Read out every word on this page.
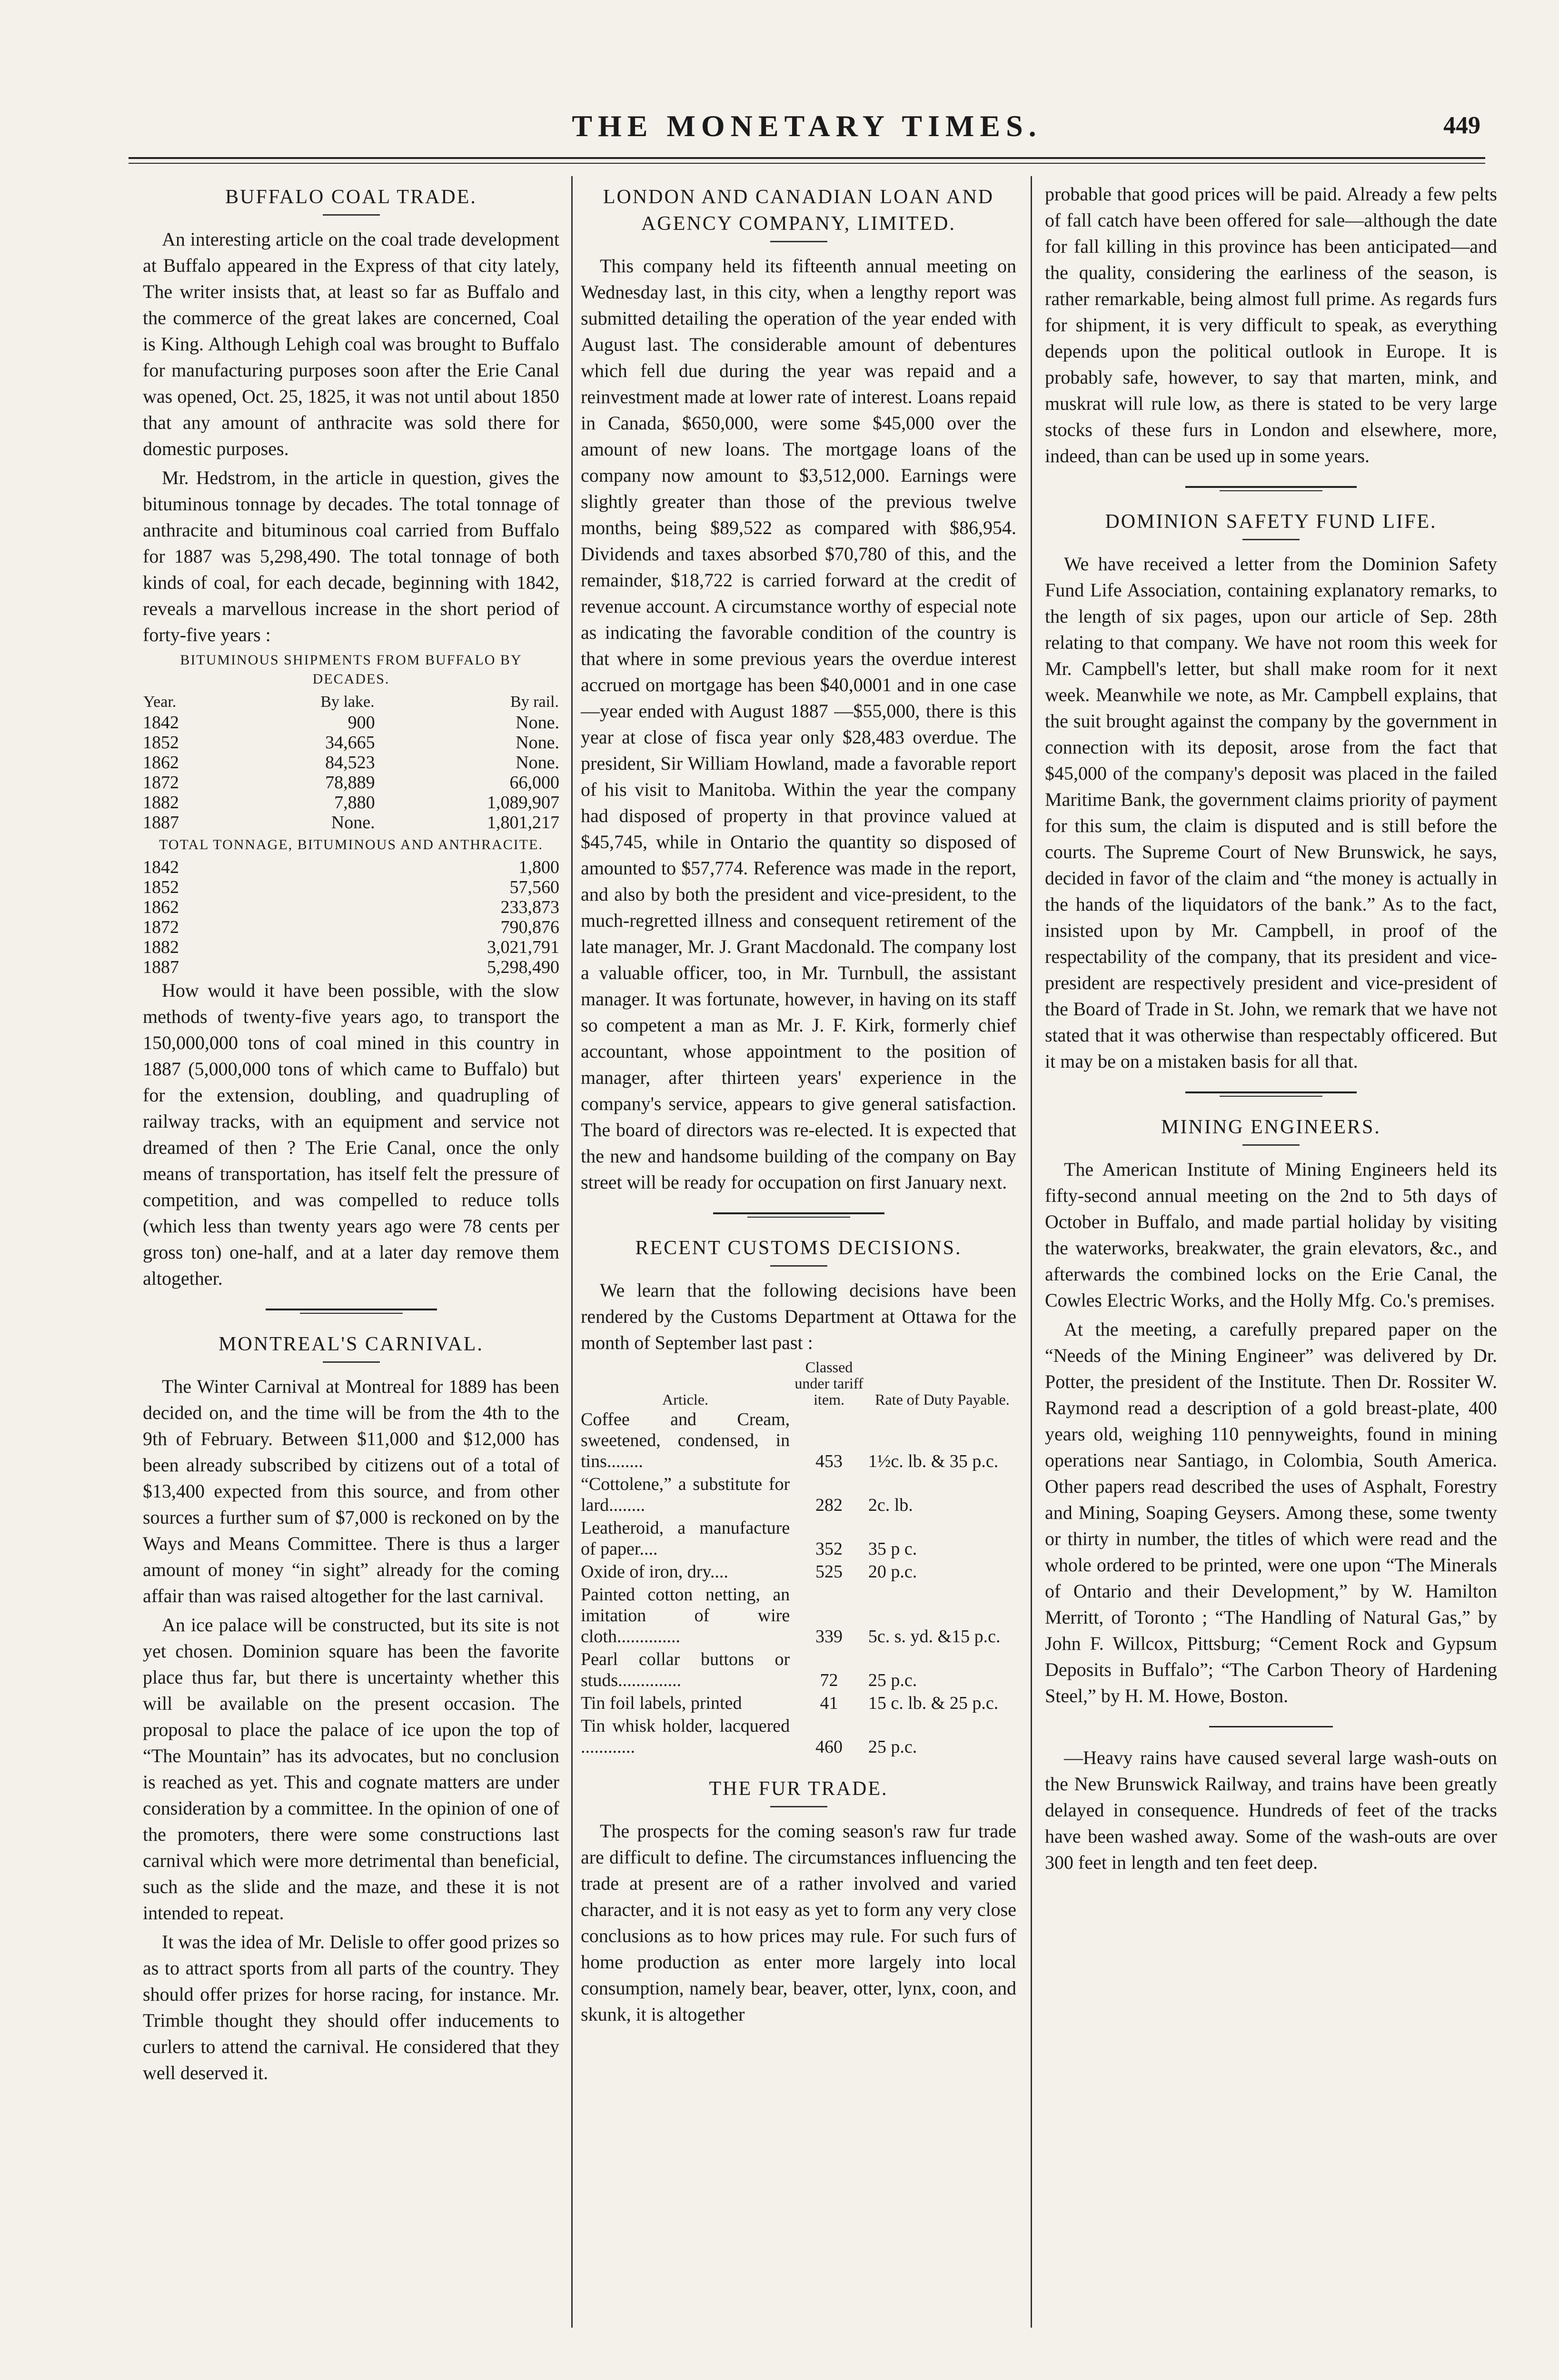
THE MONETARY TIMES.	449
BUFFALO COAL TRADE.

An interesting article on the coal trade development at Buffalo appeared in the Express of that city lately, The writer insists that, at least so far as Buffalo and the commerce of the great lakes are concerned, Coal is King. Although Lehigh coal was brought to Buffalo for manufacturing purposes soon after the Erie Canal was opened, Oct. 25, 1825, it was not until about 1850 that any amount of anthracite was sold there for domestic purposes.

Mr. Hedstrom, in the article in question, gives the bituminous tonnage by decades. The total tonnage of anthracite and bituminous coal carried from Buffalo for 1887 was 5,298,490. The total tonnage of both kinds of coal, for each decade, beginning with 1842, reveals a marvellous increase in the short period of forty-five years :

BITUMINOUS SHIPMENTS FROM BUFFALO BY DECADES.
Year.	By lake.	By rail.
1842	900	None.
1852	34,665	None.
1862	84,523	None.
1872	78,889	66,000
1882	7,880	1,089,907
1887	None.	1,801,217
TOTAL TONNAGE, BITUMINOUS AND ANTHRACITE.
1842	1,800
1852	57,560
1862	233,873
1872	790,876
1882	3,021,791
1887	5,298,490

How would it have been possible, with the slow methods of twenty-five years ago, to transport the 150,000,000 tons of coal mined in this country in 1887 (5,000,000 tons of which came to Buffalo) but for the extension, doubling, and quadrupling of railway tracks, with an equipment and service not dreamed of then ? The Erie Canal, once the only means of transportation, has itself felt the pressure of competition, and was compelled to reduce tolls (which less than twenty years ago were 78 cents per gross ton) one-half, and at a later day remove them altogether.

MONTREAL'S CARNIVAL.

The Winter Carnival at Montreal for 1889 has been decided on, and the time will be from the 4th to the 9th of February. Between $11,000 and $12,000 has been already subscribed by citizens out of a total of $13,400 expected from this source, and from other sources a further sum of $7,000 is reckoned on by the Ways and Means Committee. There is thus a larger amount of money “in sight” already for the coming affair than was raised altogether for the last carnival.

An ice palace will be constructed, but its site is not yet chosen. Dominion square has been the favorite place thus far, but there is uncertainty whether this will be available on the present occasion. The proposal to place the palace of ice upon the top of “The Mountain” has its advocates, but no conclusion is reached as yet. This and cognate matters are under consideration by a committee. In the opinion of one of the promoters, there were some constructions last carnival which were more detrimental than beneficial, such as the slide and the maze, and these it is not intended to repeat.

It was the idea of Mr. Delisle to offer good prizes so as to attract sports from all parts of the country. They should offer prizes for horse racing, for instance. Mr. Trimble thought they should offer inducements to curlers to attend the carnival. He considered that they well deserved it.

LONDON AND CANADIAN LOAN AND AGENCY COMPANY, LIMITED.

This company held its fifteenth annual meeting on Wednesday last, in this city, when a lengthy report was submitted detailing the operation of the year ended with August last. The considerable amount of debentures which fell due during the year was repaid and a reinvestment made at lower rate of interest. Loans repaid in Canada, $650,000, were some $45,000 over the amount of new loans. The mortgage loans of the company now amount to $3,512,000. Earnings were slightly greater than those of the previous twelve months, being $89,522 as compared with $86,954. Dividends and taxes absorbed $70,780 of this, and the remainder, $18,722 is carried forward at the credit of revenue account. A circumstance worthy of especial note as indicating the favorable condition of the country is that where in some previous years the overdue interest accrued on mortgage has been $40,0001 and in one case—year ended with August 1887 —$55,000, there is this year at close of fisca year only $28,483 overdue. The president, Sir William Howland, made a favorable report of his visit to Manitoba. Within the year the company had disposed of property in that province valued at $45,745, while in Ontario the quantity so disposed of amounted to $57,774. Reference was made in the report, and also by both the president and vice-president, to the much-regretted illness and consequent retirement of the late manager, Mr. J. Grant Macdonald. The company lost a valuable officer, too, in Mr. Turnbull, the assistant manager. It was fortunate, however, in having on its staff so competent a man as Mr. J. F. Kirk, formerly chief accountant, whose appointment to the position of manager, after thirteen years' experience in the company's service, appears to give general satisfaction. The board of directors was re-elected. It is expected that the new and handsome building of the company on Bay street will be ready for occupation on first January next.

RECENT CUSTOMS DECISIONS.

We learn that the following decisions have been rendered by the Customs Department at Ottawa for the month of September last past :

Article.	Classed under tariff item.	Rate of Duty Payable.
Coffee and Cream, sweetened, condensed, in tins........	453	1½c. lb. & 35 p.c.
“Cottolene,” a substitute for lard........	282	2c. lb.
Leatheroid, a manufacture of paper....	352	35 p c.
Oxide of iron, dry....	525	20 p.c.
Painted cotton netting, an imitation of wire cloth..............	339	5c. s. yd. &15 p.c.
Pearl collar buttons or studs..............	72	25 p.c.
Tin foil labels, printed	41	15 c. lb. & 25 p.c.
Tin whisk holder, lacquered ............	460	25 p.c.
THE FUR TRADE.

The prospects for the coming season's raw fur trade are difficult to define. The circumstances influencing the trade at present are of a rather involved and varied character, and it is not easy as yet to form any very close conclusions as to how prices may rule. For such furs of home production as enter more largely into local consumption, namely bear, beaver, otter, lynx, coon, and skunk, it is altogether

probable that good prices will be paid. Already a few pelts of fall catch have been offered for sale—although the date for fall killing in this province has been anticipated—and the quality, considering the earliness of the season, is rather remarkable, being almost full prime. As regards furs for shipment, it is very difficult to speak, as everything depends upon the political outlook in Europe. It is probably safe, however, to say that marten, mink, and muskrat will rule low, as there is stated to be very large stocks of these furs in London and elsewhere, more, indeed, than can be used up in some years.

DOMINION SAFETY FUND LIFE.

We have received a letter from the Dominion Safety Fund Life Association, containing explanatory remarks, to the length of six pages, upon our article of Sep. 28th relating to that company. We have not room this week for Mr. Campbell's letter, but shall make room for it next week. Meanwhile we note, as Mr. Campbell explains, that the suit brought against the company by the government in connection with its deposit, arose from the fact that $45,000 of the company's deposit was placed in the failed Maritime Bank, the government claims priority of payment for this sum, the claim is disputed and is still before the courts. The Supreme Court of New Brunswick, he says, decided in favor of the claim and “the money is actually in the hands of the liquidators of the bank.” As to the fact, insisted upon by Mr. Campbell, in proof of the respectability of the company, that its president and vice-president are respectively president and vice-president of the Board of Trade in St. John, we remark that we have not stated that it was otherwise than respectably officered. But it may be on a mistaken basis for all that.

MINING ENGINEERS.

The American Institute of Mining Engineers held its fifty-second annual meeting on the 2nd to 5th days of October in Buffalo, and made partial holiday by visiting the waterworks, breakwater, the grain elevators, &c., and afterwards the combined locks on the Erie Canal, the Cowles Electric Works, and the Holly Mfg. Co.'s premises.

At the meeting, a carefully prepared paper on the “Needs of the Mining Engineer” was delivered by Dr. Potter, the president of the Institute. Then Dr. Rossiter W. Raymond read a description of a gold breast-plate, 400 years old, weighing 110 pennyweights, found in mining operations near Santiago, in Colombia, South America. Other papers read described the uses of Asphalt, Forestry and Mining, Soaping Geysers. Among these, some twenty or thirty in number, the titles of which were read and the whole ordered to be printed, were one upon “The Minerals of Ontario and their Development,” by W. Hamilton Merritt, of Toronto ; “The Handling of Natural Gas,” by John F. Willcox, Pittsburg; “Cement Rock and Gypsum Deposits in Buffalo”; “The Carbon Theory of Hardening Steel,” by H. M. Howe, Boston.

—Heavy rains have caused several large wash-outs on the New Brunswick Railway, and trains have been greatly delayed in consequence. Hundreds of feet of the tracks have been washed away. Some of the wash-outs are over 300 feet in length and ten feet deep.
